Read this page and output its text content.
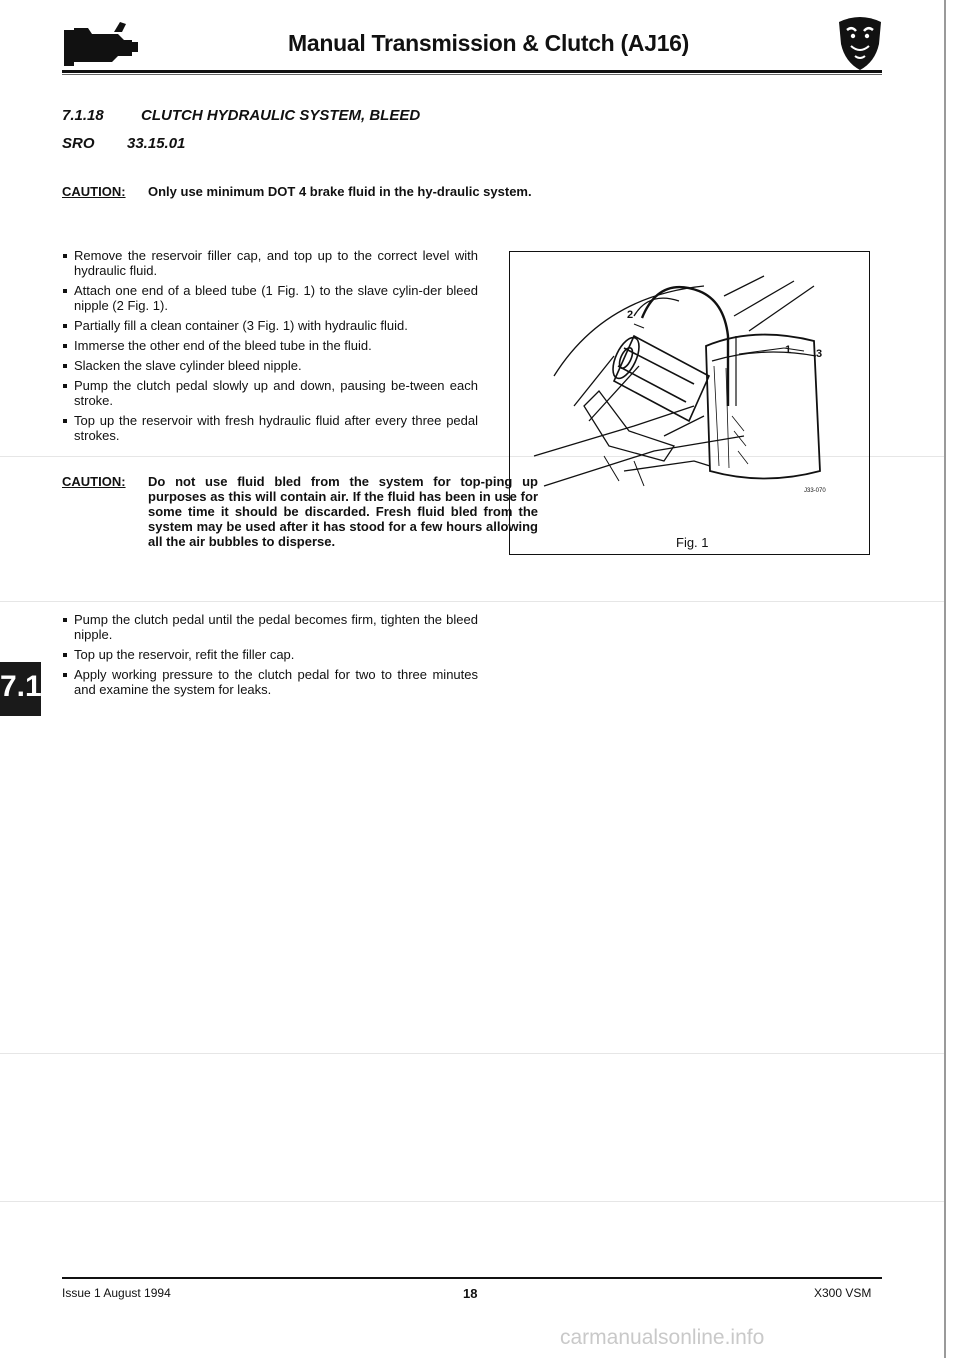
Manual Transmission & Clutch (AJ16)
7.1.18 CLUTCH HYDRAULIC SYSTEM, BLEED
SRO 33.15.01
CAUTION: Only use minimum DOT 4 brake fluid in the hy-draulic system.
Remove the reservoir filler cap, and top up to the correct level with hydraulic fluid.
Attach one end of a bleed tube (1 Fig. 1) to the slave cylin-der bleed nipple (2 Fig. 1).
Partially fill a clean container (3 Fig. 1) with hydraulic fluid.
Immerse the other end of the bleed tube in the fluid.
Slacken the slave cylinder bleed nipple.
Pump the clutch pedal slowly up and down, pausing be-tween each stroke.
Top up the reservoir with fresh hydraulic fluid after every three pedal strokes.
CAUTION: Do not use fluid bled from the system for top-ping up purposes as this will contain air. If the fluid has been in use for some time it should be discarded. Fresh fluid bled from the system may be used after it has stood for a few hours allowing all the air bubbles to disperse.
Pump the clutch pedal until the pedal becomes firm, tighten the bleed nipple.
Top up the reservoir, refit the filler cap.
Apply working pressure to the clutch pedal for two to three minutes and examine the system for leaks.
2
1 3
J33-070
Fig. 1
7.1
Issue 1 August 1994	18	X300 VSM
carmanualsonline.info
